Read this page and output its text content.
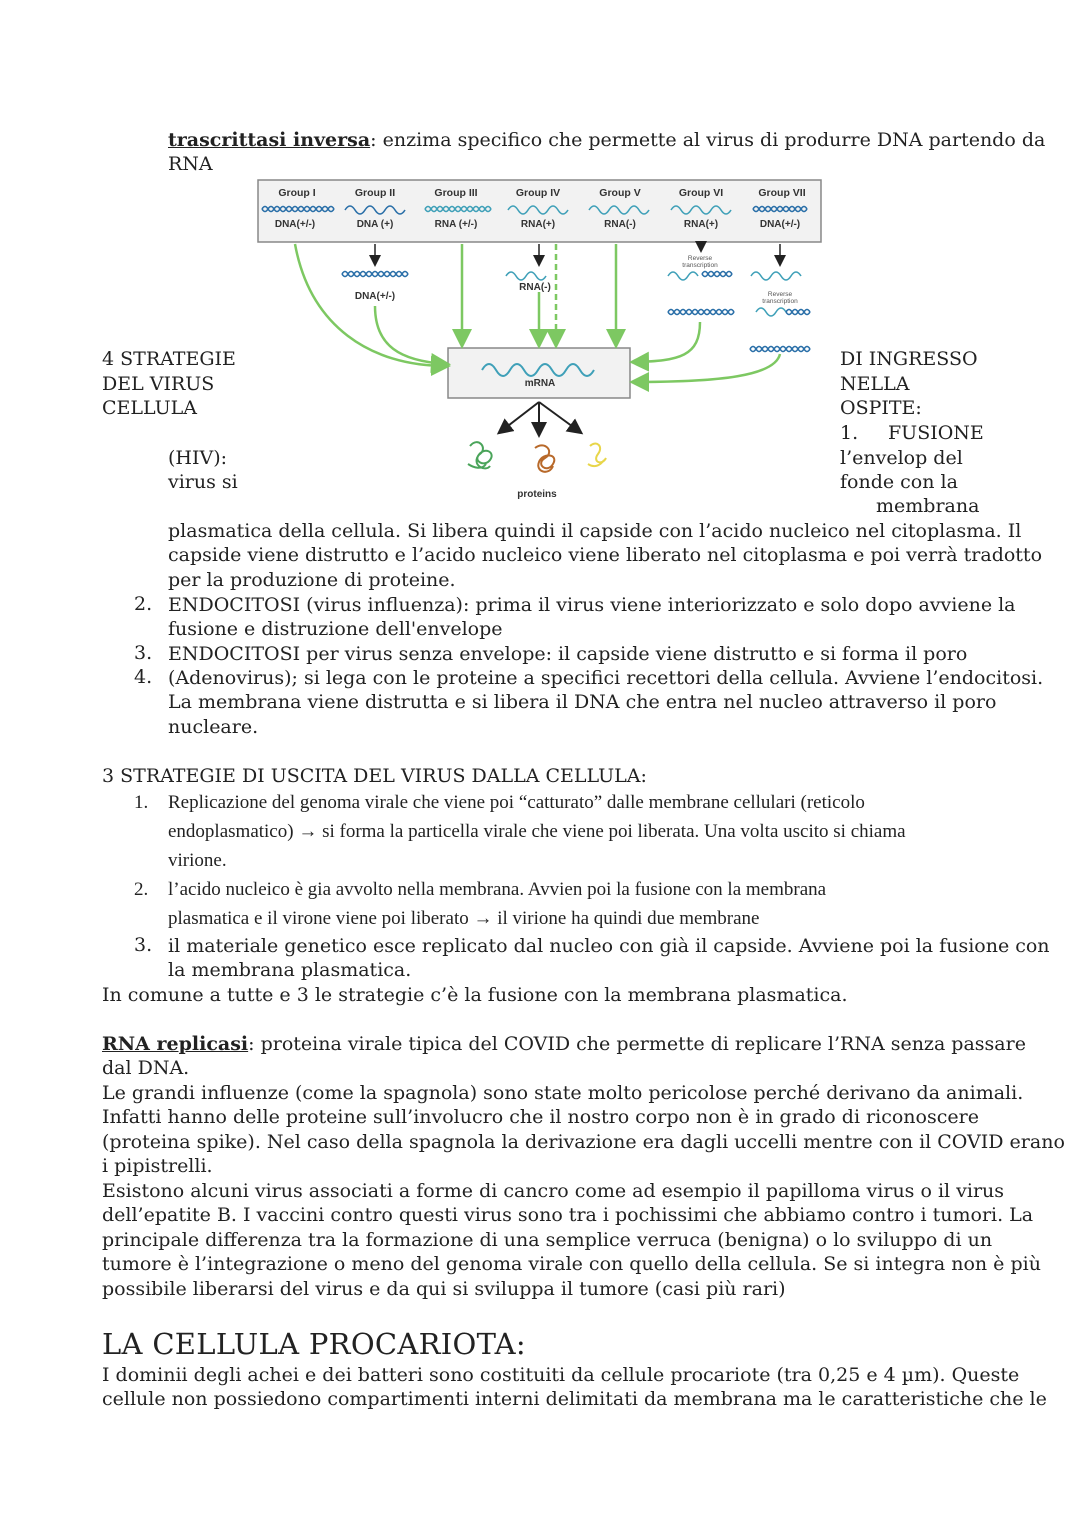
trascrittasi inversa: enzima specifico che permette al virus di produrre DNA partendo da
RNA
Group I	Group II	Group III	Group IV	Group V	Group VI	Group VII
DNA(+/-)	DNA (+)	RNA (+/-)	RNA(+)	RNA(-)	RNA(+)	DNA(+/-)
DNA(+/-)
RNA(-)
Reverse
transcription
Reverse
transcription
mRNA
proteins
4 STRATEGIE
DEL VIRUS
CELLULA
DI INGRESSO
NELLA
OSPITE:
1. FUSIONE
(HIV):
virus si
l’envelop del
fonde con la
membrana
plasmatica della cellula. Si libera quindi il capside con l’acido nucleico nel citoplasma. Il
capside viene distrutto e l’acido nucleico viene liberato nel citoplasma e poi verrà tradotto
per la produzione di proteine.
2. ENDOCITOSI (virus influenza): prima il virus viene interiorizzato e solo dopo avviene la
fusione e distruzione dell'envelope
3. ENDOCITOSI per virus senza envelope: il capside viene distrutto e si forma il poro
4. (Adenovirus); si lega con le proteine a specifici recettori della cellula. Avviene l’endocitosi.
La membrana viene distrutta e si libera il DNA che entra nel nucleo attraverso il poro
nucleare.
3 STRATEGIE DI USCITA DEL VIRUS DALLA CELLULA:
1. Replicazione del genoma virale che viene poi “catturato” dalle membrane cellulari (reticolo
endoplasmatico) → si forma la particella virale che viene poi liberata. Una volta uscito si chiama
virione.
2. l’acido nucleico è gia avvolto nella membrana. Avvien poi la fusione con la membrana
plasmatica e il virone viene poi liberato → il virione ha quindi due membrane
3. il materiale genetico esce replicato dal nucleo con già il capside. Avviene poi la fusione con
la membrana plasmatica.
In comune a tutte e 3 le strategie c’è la fusione con la membrana plasmatica.
RNA replicasi: proteina virale tipica del COVID che permette di replicare l’RNA senza passare
dal DNA.
Le grandi influenze (come la spagnola) sono state molto pericolose perché derivano da animali.
Infatti hanno delle proteine sull’involucro che il nostro corpo non è in grado di riconoscere
(proteina spike). Nel caso della spagnola la derivazione era dagli uccelli mentre con il COVID erano
i pipistrelli.
Esistono alcuni virus associati a forme di cancro come ad esempio il papilloma virus o il virus
dell’epatite B. I vaccini contro questi virus sono tra i pochissimi che abbiamo contro i tumori. La
principale differenza tra la formazione di una semplice verruca (benigna) o lo sviluppo di un
tumore è l’integrazione o meno del genoma virale con quello della cellula. Se si integra non è più
possibile liberarsi del virus e da qui si sviluppa il tumore (casi più rari)
LA CELLULA PROCARIOTA:
I dominii degli achei e dei batteri sono costituiti da cellule procariote (tra 0,25 e 4 µm). Queste
cellule non possiedono compartimenti interni delimitati da membrana ma le caratteristiche che le
